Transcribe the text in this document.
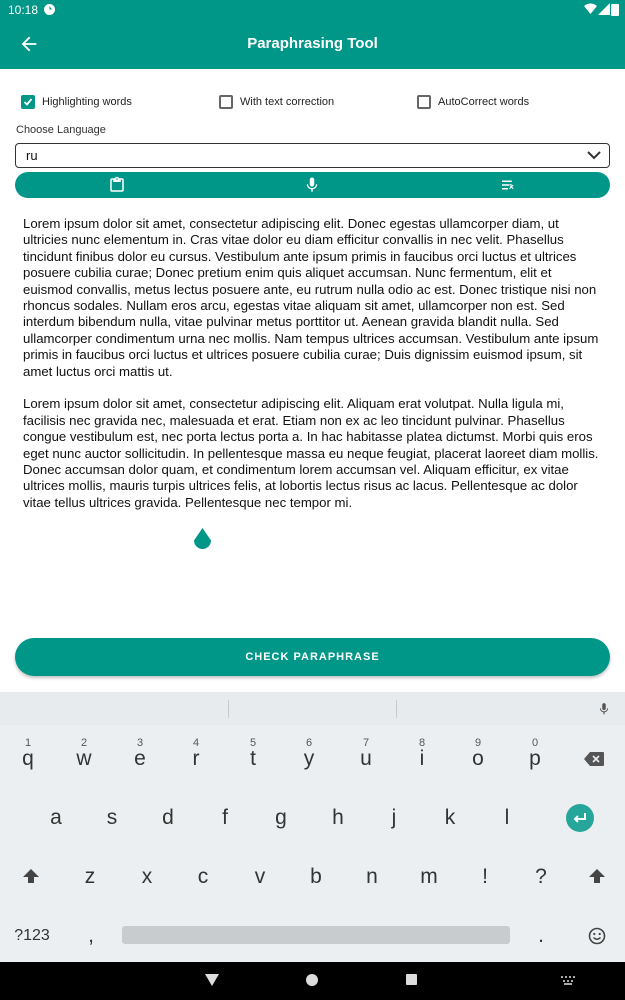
10:18
Paraphrasing Tool
Highlighting words	With text correction	AutoCorrect words
Choose Language
ru

Lorem ipsum dolor sit amet, consectetur adipiscing elit. Donec egestas ullamcorper diam, ut ultricies nunc elementum in. Cras vitae dolor eu diam efficitur convallis in nec velit. Phasellus tincidunt finibus dolor eu cursus. Vestibulum ante ipsum primis in faucibus orci luctus et ultrices posuere cubilia curae; Donec pretium enim quis aliquet accumsan. Nunc fermentum, elit et euismod convallis, metus lectus posuere ante, eu rutrum nulla odio ac est. Donec tristique nisi non rhoncus sodales. Nullam eros arcu, egestas vitae aliquam sit amet, ullamcorper non est. Sed interdum bibendum nulla, vitae pulvinar metus porttitor ut. Aenean gravida blandit nulla. Sed ullamcorper condimentum urna nec mollis. Nam tempus ultrices accumsan. Vestibulum ante ipsum primis in faucibus orci luctus et ultrices posuere cubilia curae; Duis dignissim euismod ipsum, sit amet luctus orci mattis ut.

Lorem ipsum dolor sit amet, consectetur adipiscing elit. Aliquam erat volutpat. Nulla ligula mi, facilisis nec gravida nec, malesuada et erat. Etiam non ex ac leo tincidunt pulvinar. Phasellus congue vestibulum est, nec porta lectus porta a. In hac habitasse platea dictumst. Morbi quis eros eget nunc auctor sollicitudin. In pellentesque massa eu neque feugiat, placerat laoreet diam mollis. Donec accumsan dolor quam, et condimentum lorem accumsan vel. Aliquam efficitur, ex vitae ultrices mollis, mauris turpis ultrices felis, at lobortis lectus risus ac lacus. Pellentesque ac dolor vitae tellus ultrices gravida. Pellentesque nec tempor mi.

CHECK PARAPHRASE
1
q
2
w
3
e
4
r
5
t
6
y
7
u
8
i
9
o
0
p
a	s	d	f	g	h	j	k	l
z	x	c	v	b	n	m	!	?
?123	,	.
